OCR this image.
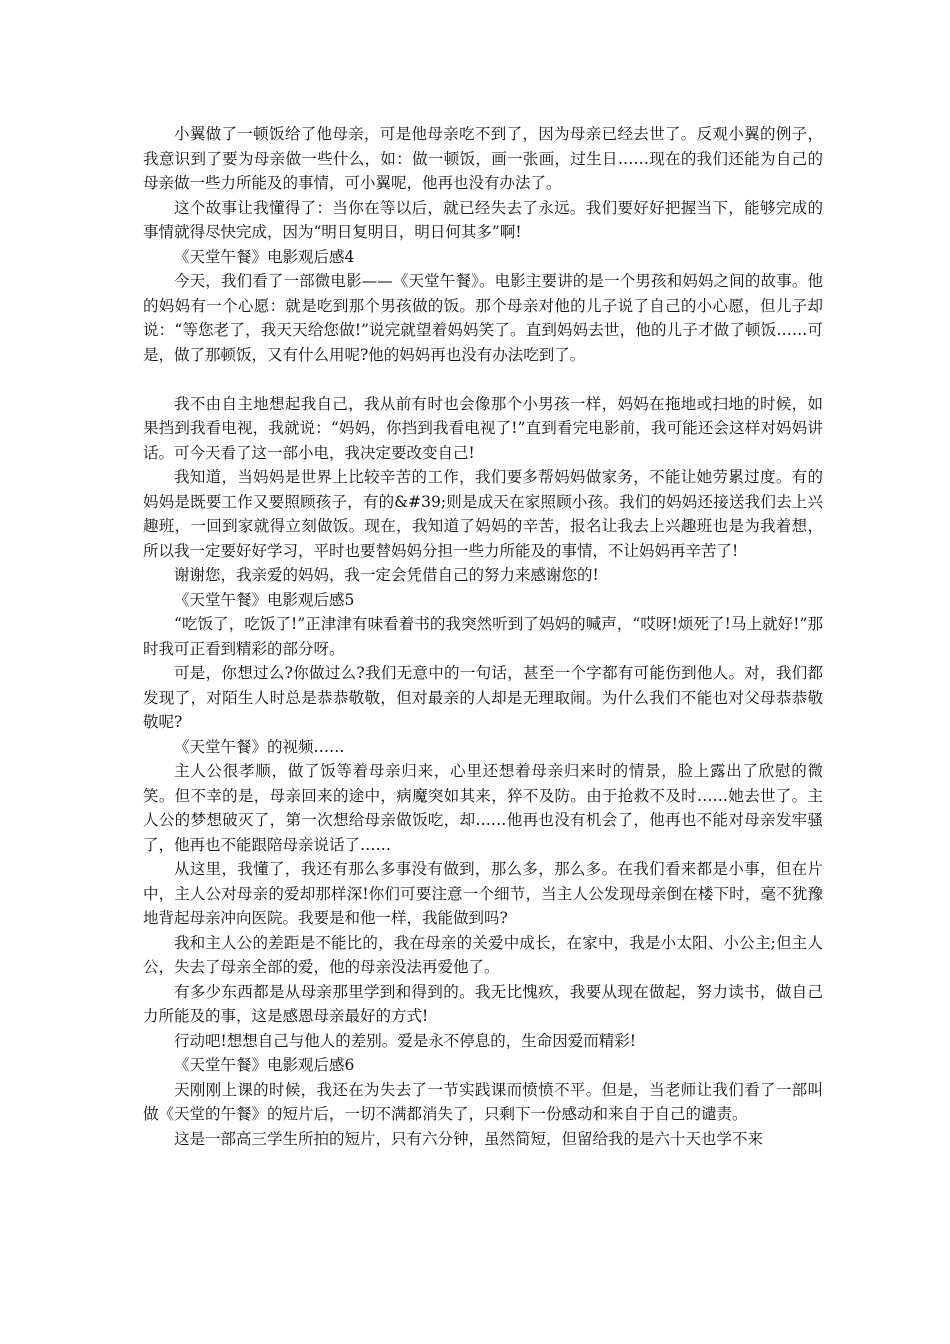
小翼做了一顿饭给了他母亲，可是他母亲吃不到了，因为母亲已经去世了。反观小翼的例子，我意识到了要为母亲做一些什么，如：做一顿饭，画一张画，过生日……现在的我们还能为自己的母亲做一些力所能及的事情，可小翼呢，他再也没有办法了。

这个故事让我懂得了：当你在等以后，就已经失去了永远。我们要好好把握当下，能够完成的事情就得尽快完成，因为“明日复明日，明日何其多”啊!

《天堂午餐》电影观后感4

今天，我们看了一部微电影——《天堂午餐》。电影主要讲的是一个男孩和妈妈之间的故事。他的妈妈有一个心愿：就是吃到那个男孩做的饭。那个母亲对他的儿子说了自己的小心愿，但儿子却说：“等您老了，我天天给您做!”说完就望着妈妈笑了。直到妈妈去世，他的儿子才做了顿饭……可是，做了那顿饭，又有什么用呢?他的妈妈再也没有办法吃到了。

我不由自主地想起我自己，我从前有时也会像那个小男孩一样，妈妈在拖地或扫地的时候，如果挡到我看电视，我就说：“妈妈，你挡到我看电视了!”直到看完电影前，我可能还会这样对妈妈讲话。可今天看了这一部小电，我决定要改变自己!

我知道，当妈妈是世界上比较辛苦的工作，我们要多帮妈妈做家务，不能让她劳累过度。有的妈妈是既要工作又要照顾孩子，有的&#39;则是成天在家照顾小孩。我们的妈妈还接送我们去上兴趣班，一回到家就得立刻做饭。现在，我知道了妈妈的辛苦，报名让我去上兴趣班也是为我着想，所以我一定要好好学习，平时也要替妈妈分担一些力所能及的事情，不让妈妈再辛苦了!

谢谢您，我亲爱的妈妈，我一定会凭借自己的努力来感谢您的!

《天堂午餐》电影观后感5

“吃饭了，吃饭了!”正津津有味看着书的我突然听到了妈妈的喊声，“哎呀!烦死了!马上就好!”那时我可正看到精彩的部分呀。

可是，你想过么?你做过么?我们无意中的一句话，甚至一个字都有可能伤到他人。对，我们都发现了，对陌生人时总是恭恭敬敬，但对最亲的人却是无理取闹。为什么我们不能也对父母恭恭敬敬呢?

《天堂午餐》的视频……

主人公很孝顺，做了饭等着母亲归来，心里还想着母亲归来时的情景，脸上露出了欣慰的微笑。但不幸的是，母亲回来的途中，病魔突如其来，猝不及防。由于抢救不及时……她去世了。主人公的梦想破灭了，第一次想给母亲做饭吃，却……他再也没有机会了，他再也不能对母亲发牢骚了，他再也不能跟陪母亲说话了……

从这里，我懂了，我还有那么多事没有做到，那么多，那么多。在我们看来都是小事，但在片中，主人公对母亲的爱却那样深!你们可要注意一个细节，当主人公发现母亲倒在楼下时，毫不犹豫地背起母亲冲向医院。我要是和他一样，我能做到吗?

我和主人公的差距是不能比的，我在母亲的关爱中成长，在家中，我是小太阳、小公主;但主人公，失去了母亲全部的爱，他的母亲没法再爱他了。

有多少东西都是从母亲那里学到和得到的。我无比愧疚，我要从现在做起，努力读书，做自己力所能及的事，这是感恩母亲最好的方式!

行动吧!想想自己与他人的差别。爱是永不停息的，生命因爱而精彩!

《天堂午餐》电影观后感6

天刚刚上课的时候，我还在为失去了一节实践课而愤愤不平。但是，当老师让我们看了一部叫做《天堂的午餐》的短片后，一切不满都消失了，只剩下一份感动和来自于自己的谴责。

这是一部高三学生所拍的短片，只有六分钟，虽然简短，但留给我的是六十天也学不来
